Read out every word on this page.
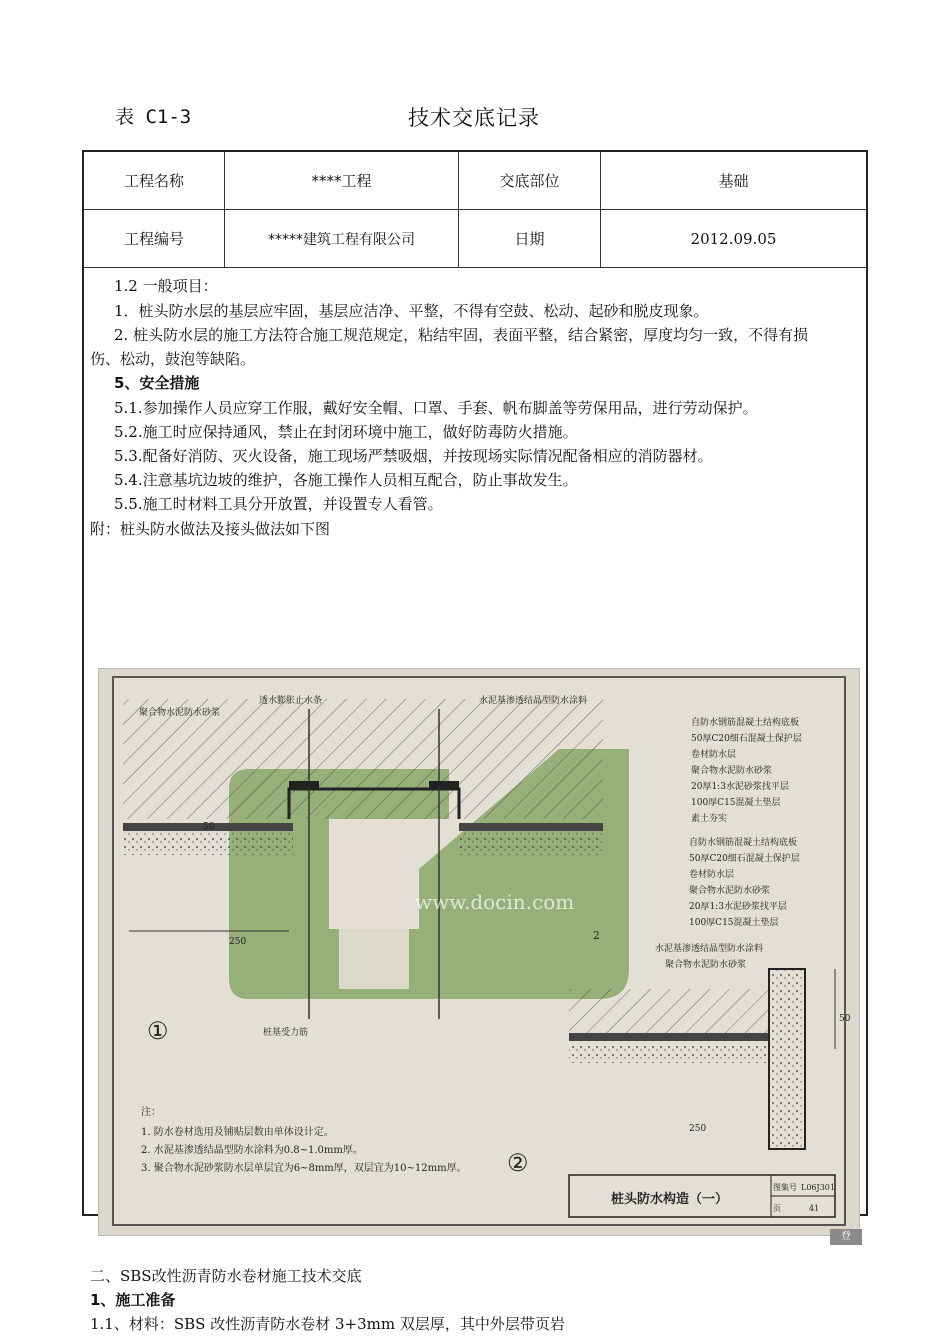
表 C1-3	技术交底记录
工程名称	****工程	交底部位	基础
工程编号	*****建筑工程有限公司	日期	2012.09.05
1.2 一般项目：
1．桩头防水层的基层应牢固，基层应洁净、平整，不得有空鼓、松动、起砂和脱皮现象。
2. 桩头防水层的施工方法符合施工规范规定，粘结牢固，表面平整，结合紧密，厚度均匀一致，不得有损
伤、松动，鼓泡等缺陷。
5、安全措施
5.1.参加操作人员应穿工作服，戴好安全帽、口罩、手套、帆布脚盖等劳保用品，进行劳动保护。
5.2.施工时应保持通风，禁止在封闭环境中施工，做好防毒防火措施。
5.3.配备好消防、灭火设备，施工现场严禁吸烟，并按现场实际情况配备相应的消防器材。
5.4.注意基坑边坡的维护，各施工操作人员相互配合，防止事故发生。
5.5.施工时材料工具分开放置，并设置专人看管。
附：桩头防水做法及接头做法如下图
透水膨胀止水条
聚合物水泥防水砂浆
水泥基渗透结晶型防水涂料
自防水钢筋混凝土结构底板
50厚C20细石混凝土保护层
卷材防水层
聚合物水泥防水砂浆
20厚1:3水泥砂浆找平层
100厚C15混凝土垫层
素土夯实
自防水钢筋混凝土结构底板
50厚C20细石混凝土保护层
卷材防水层
聚合物水泥防水砂浆
20厚1:3水泥砂浆找平层
100厚C15混凝土垫层
水泥基渗透结晶型防水涂料
聚合物水泥防水砂浆
桩基受力筋
50
250
①
2
50
250
②
www.docin.com
注：
1. 防水卷材选用及铺贴层数由单体设计定。
2. 水泥基渗透结晶型防水涂料为0.8~1.0mm厚。
3. 聚合物水泥砂浆防水层单层宜为6~8mm厚，双层宜为10~12mm厚。
桩头防水构造（一）
图集号 L06J301
页	41
登
二、SBS改性沥青防水卷材施工技术交底
1、施工准备
1.1、材料：SBS 改性沥青防水卷材 3+3mm 双层厚，其中外层带页岩
